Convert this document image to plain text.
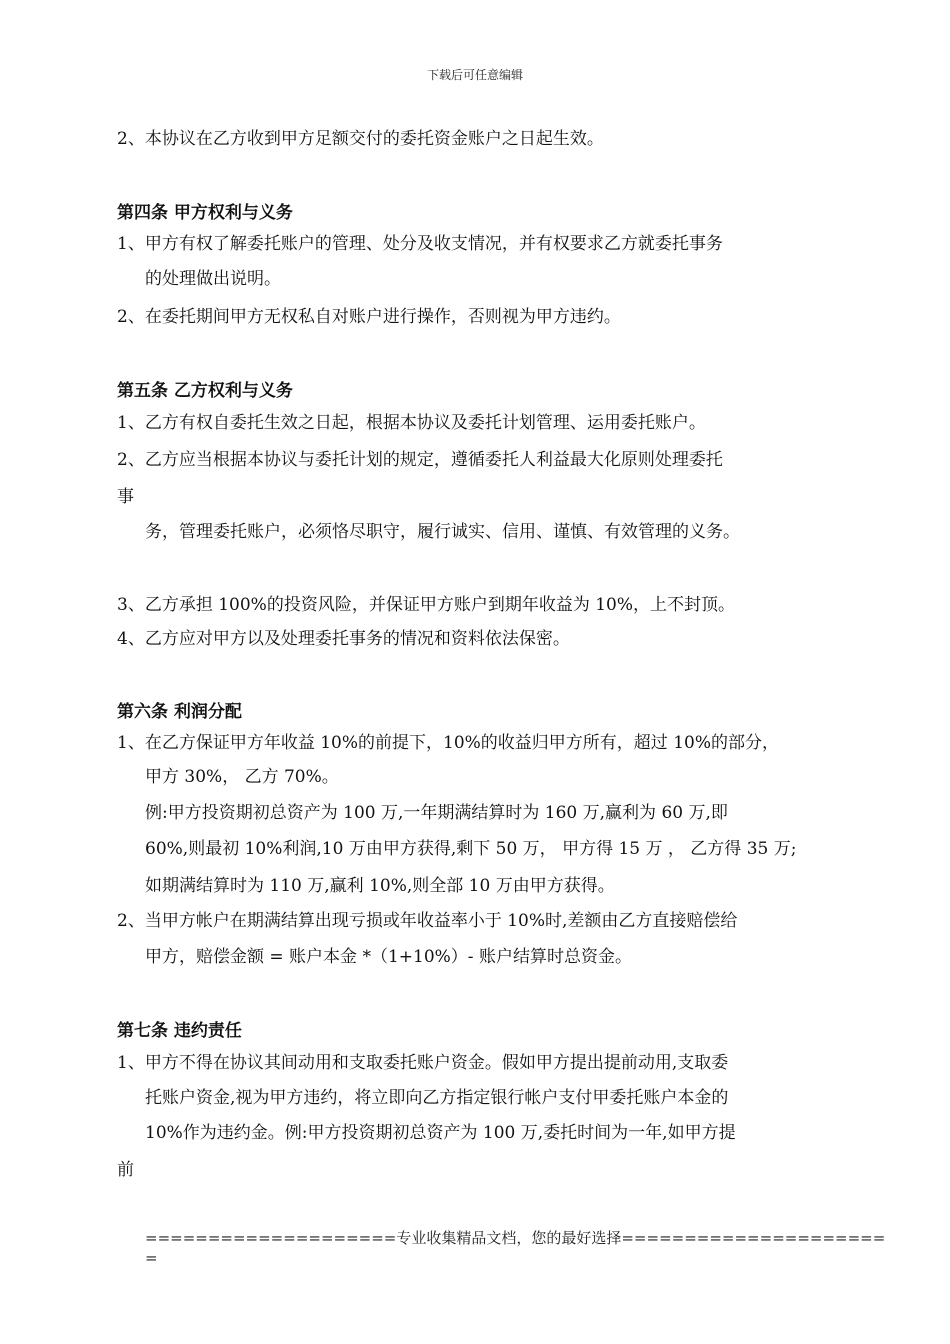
下载后可任意编辑
2、本协议在乙方收到甲方足额交付的委托资金账户之日起生效。
第四条 甲方权利与义务
1、甲方有权了解委托账户的管理、处分及收支情况，并有权要求乙方就委托事务
的处理做出说明。
2、在委托期间甲方无权私自对账户进行操作，否则视为甲方违约。
第五条 乙方权利与义务
1、乙方有权自委托生效之日起，根据本协议及委托计划管理、运用委托账户。
2、乙方应当根据本协议与委托计划的规定，遵循委托人利益最大化原则处理委托
事
务，管理委托账户，必须恪尽职守，履行诚实、信用、谨慎、有效管理的义务。
3、乙方承担 100%的投资风险，并保证甲方账户到期年收益为 10%，上不封顶。
4、乙方应对甲方以及处理委托事务的情况和资料依法保密。
第六条 利润分配
1、在乙方保证甲方年收益 10%的前提下，10%的收益归甲方所有，超过 10%的部分，
甲方 30%， 乙方 70%。
例:甲方投资期初总资产为 100 万,一年期满结算时为 160 万,赢利为 60 万,即
60%,则最初 10%利润,10 万由甲方获得,剩下 50 万， 甲方得 15 万 ， 乙方得 35 万;
如期满结算时为 110 万,赢利 10%,则全部 10 万由甲方获得。
2、当甲方帐户在期满结算出现亏损或年收益率小于 10%时,差额由乙方直接赔偿给
甲方，赔偿金额 = 账户本金 *（1+10%）- 账户结算时总资金。
第七条 违约责任
1、甲方不得在协议其间动用和支取委托账户资金。假如甲方提出提前动用,支取委
托账户资金,视为甲方违约，将立即向乙方指定银行帐户支付甲委托账户本金的
10%作为违约金。例:甲方投资期初总资产为 100 万,委托时间为一年,如甲方提
前
====================专业收集精品文档，您的最好选择=====================
=
